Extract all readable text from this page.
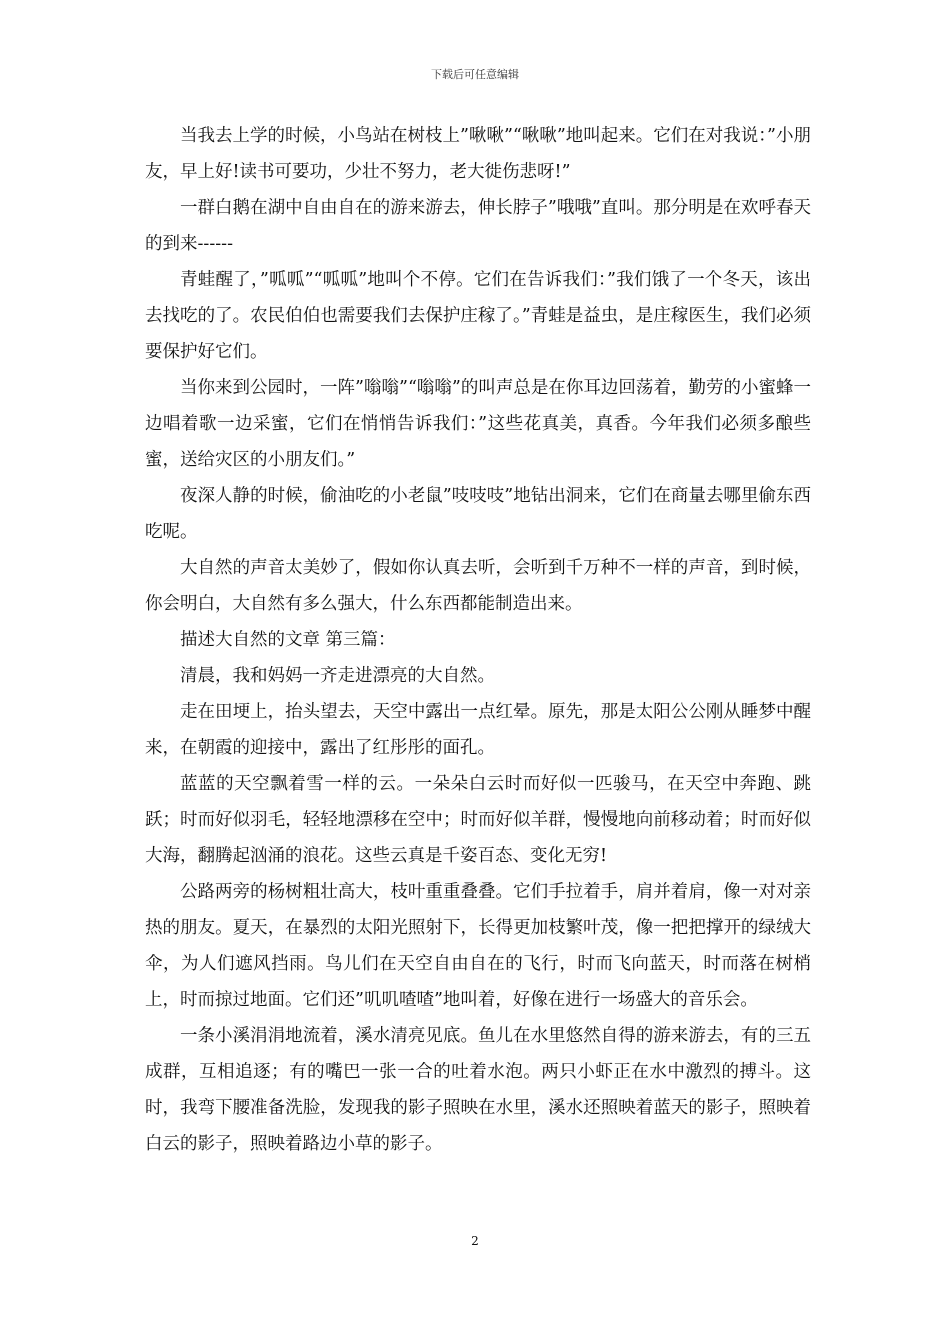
下载后可任意编辑

当我去上学的时候，小鸟站在树枝上”啾啾”“啾啾”地叫起来。它们在对我说：”小朋友，早上好!读书可要功，少壮不努力，老大徙伤悲呀!”

一群白鹅在湖中自由自在的游来游去，伸长脖子”哦哦”直叫。那分明是在欢呼春天的到来------

青蛙醒了，”呱呱”“呱呱”地叫个不停。它们在告诉我们：”我们饿了一个冬天，该出去找吃的了。农民伯伯也需要我们去保护庄稼了。”青蛙是益虫，是庄稼医生，我们必须要保护好它们。

当你来到公园时，一阵”嗡嗡”“嗡嗡”的叫声总是在你耳边回荡着，勤劳的小蜜蜂一边唱着歌一边采蜜，它们在悄悄告诉我们：”这些花真美，真香。今年我们必须多酿些蜜，送给灾区的小朋友们。”

夜深人静的时候，偷油吃的小老鼠”吱吱吱”地钻出洞来，它们在商量去哪里偷东西吃呢。

大自然的声音太美妙了，假如你认真去听，会听到千万种不一样的声音，到时候，你会明白，大自然有多么强大，什么东西都能制造出来。

描述大自然的文章 第三篇：

清晨，我和妈妈一齐走进漂亮的大自然。

走在田埂上，抬头望去，天空中露出一点红晕。原先，那是太阳公公刚从睡梦中醒来，在朝霞的迎接中，露出了红彤彤的面孔。

蓝蓝的天空飘着雪一样的云。一朵朵白云时而好似一匹骏马，在天空中奔跑、跳跃；时而好似羽毛，轻轻地漂移在空中；时而好似羊群，慢慢地向前移动着；时而好似大海，翻腾起汹涌的浪花。这些云真是千姿百态、变化无穷!

公路两旁的杨树粗壮高大，枝叶重重叠叠。它们手拉着手，肩并着肩，像一对对亲热的朋友。夏天，在暴烈的太阳光照射下，长得更加枝繁叶茂，像一把把撑开的绿绒大伞，为人们遮风挡雨。鸟儿们在天空自由自在的飞行，时而飞向蓝天，时而落在树梢上，时而掠过地面。它们还”叽叽喳喳”地叫着，好像在进行一场盛大的音乐会。

一条小溪涓涓地流着，溪水清亮见底。鱼儿在水里悠然自得的游来游去，有的三五成群，互相追逐；有的嘴巴一张一合的吐着水泡。两只小虾正在水中激烈的搏斗。这时，我弯下腰准备洗脸，发现我的影子照映在水里，溪水还照映着蓝天的影子，照映着白云的影子，照映着路边小草的影子。

2
